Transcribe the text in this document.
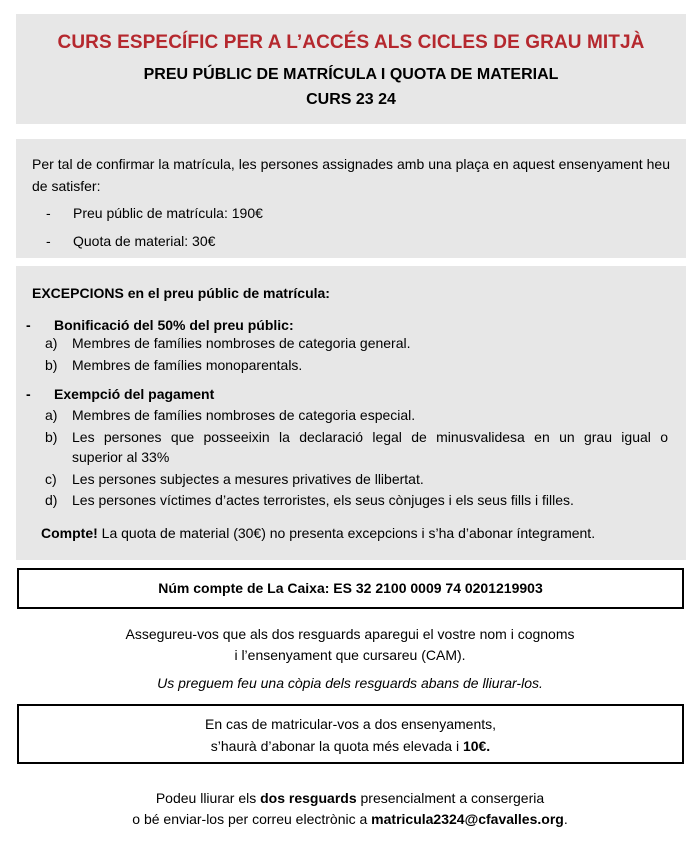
CURS ESPECÍFIC PER A L’ACCÉS ALS CICLES DE GRAU MITJÀ
PREU PÚBLIC DE MATRÍCULA I QUOTA DE MATERIAL
CURS 23 24
Per tal de confirmar la matrícula, les persones assignades amb una plaça en aquest ensenyament heu de satisfer:
- Preu públic de matrícula: 190€
- Quota de material: 30€
EXCEPCIONS en el preu públic de matrícula:
- Bonificació del 50% del preu públic:
a)	Membres de famílies nombroses de categoria general.
b)	Membres de famílies monoparentals.
- Exempció del pagament
a)	Membres de famílies nombroses de categoria especial.
b)	Les persones que posseeixin la declaració legal de minusvalidesa en un grau igual o
superior al 33%
c)	Les persones subjectes a mesures privatives de llibertat.
d)	Les persones víctimes d’actes terroristes, els seus cònjuges i els seus fills i filles.
Compte! La quota de material (30€) no presenta excepcions i s’ha d’abonar íntegrament.
Núm compte de La Caixa: ES 32 2100 0009 74 0201219903
Assegureu-vos que als dos resguards aparegui el vostre nom i cognoms
i l’ensenyament que cursareu (CAM).
Us preguem feu una còpia dels resguards abans de lliurar-los.
En cas de matricular-vos a dos ensenyaments,
s’haurà d’abonar la quota més elevada i 10€.
Podeu lliurar els dos resguards presencialment a consergeria
o bé enviar-los per correu electrònic a matricula2324@cfavalles.org.
